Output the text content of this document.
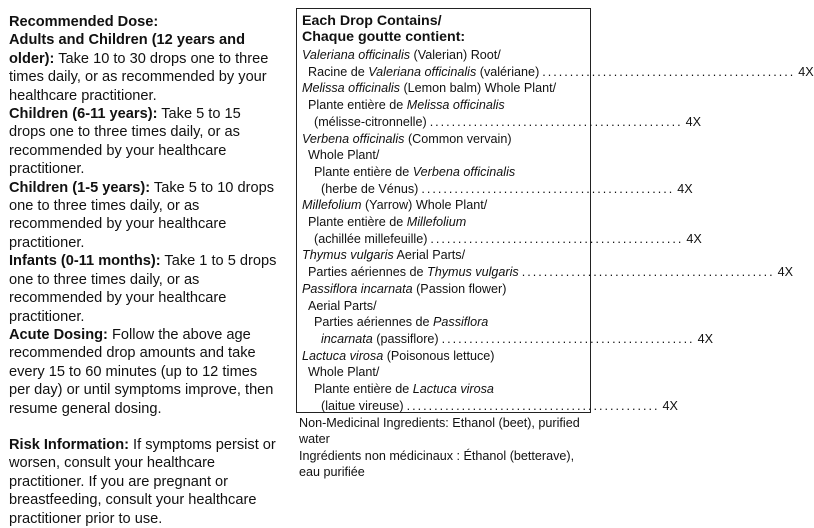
Recommended Dose:

Adults and Children (12 years and older): Take 10 to 30 drops one to three times daily, or as recommended by your healthcare practitioner.

Children (6-11 years): Take 5 to 15 drops one to three times daily, or as recommended by your healthcare practitioner.

Children (1-5 years): Take 5 to 10 drops one to three times daily, or as recommended by your healthcare practitioner.

Infants (0-11 months): Take 1 to 5 drops one to three times daily, or as recommended by your healthcare practitioner.

Acute Dosing: Follow the above age recommended drop amounts and take every 15 to 60 minutes (up to 12 times per day) or until symptoms improve, then resume general dosing.

Risk Information: If symptoms persist or worsen, consult your healthcare practitioner. If you are pregnant or breastfeeding, consult your healthcare practitioner prior to use.

Each Drop Contains/
Chaque goutte contient:
Valeriana officinalis (Valerian) Root/
Racine de Valeriana officinalis (valériane) .............................................. 4X
Melissa officinalis (Lemon balm) Whole Plant/
Plante entière de Melissa officinalis
(mélisse-citronnelle) .............................................. 4X
Verbena officinalis (Common vervain)
Whole Plant/
Plante entière de Verbena officinalis
(herbe de Vénus) .............................................. 4X
Millefolium (Yarrow) Whole Plant/
Plante entière de Millefolium
(achillée millefeuille) .............................................. 4X
Thymus vulgaris Aerial Parts/
Parties aériennes de Thymus vulgaris .............................................. 4X
Passiflora incarnata (Passion flower)
Aerial Parts/
Parties aériennes de Passiflora
incarnata (passiflore) .............................................. 4X
Lactuca virosa (Poisonous lettuce)
Whole Plant/
Plante entière de Lactuca virosa
(laitue vireuse) .............................................. 4X

Non-Medicinal Ingredients: Ethanol (beet), purified water

Ingrédients non médicinaux : Éthanol (betterave), eau purifiée
